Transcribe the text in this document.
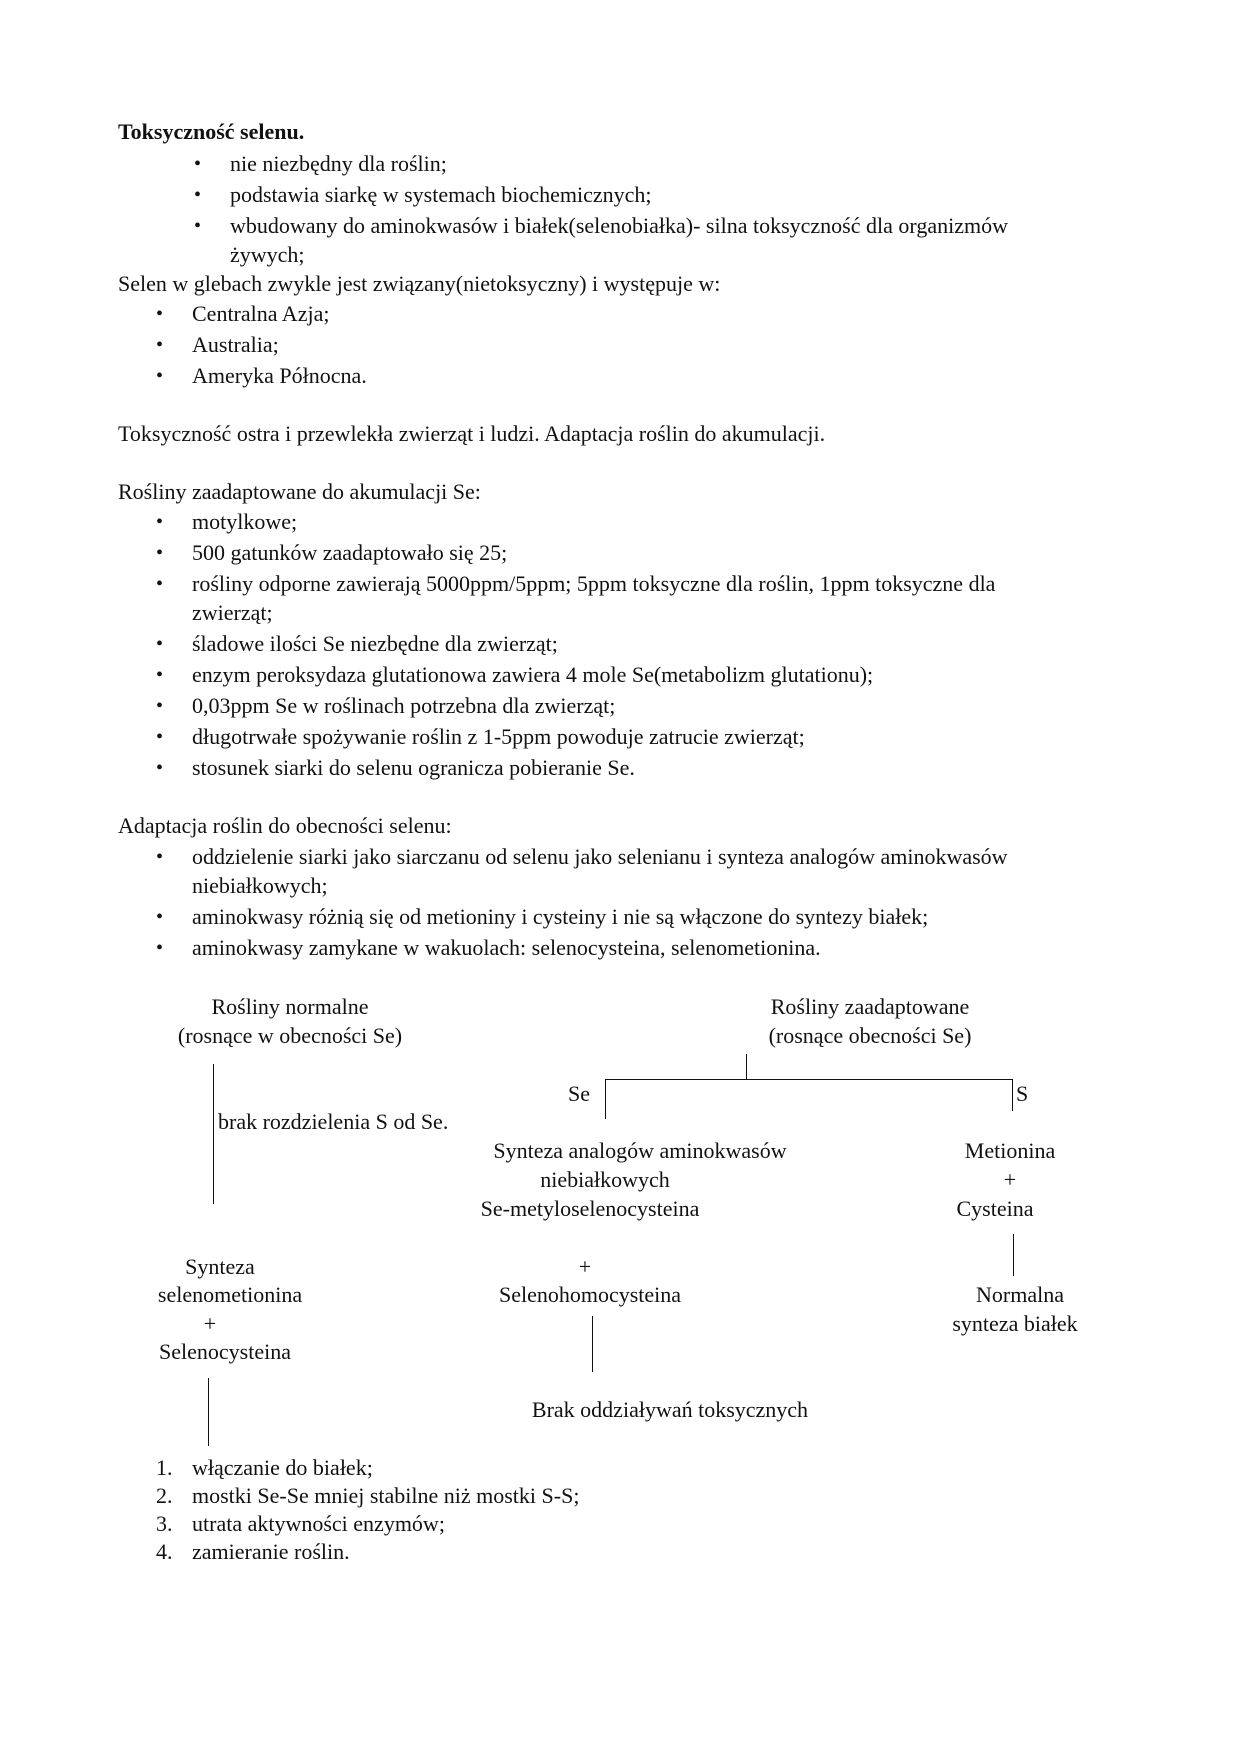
Toksyczność selenu.
• nie niezbędny dla roślin;
• podstawia siarkę w systemach biochemicznych;
• wbudowany do aminokwasów i białek(selenobiałka)- silna toksyczność dla organizmów
żywych;
Selen w glebach zwykle jest związany(nietoksyczny) i występuje w:
• Centralna Azja;
• Australia;
• Ameryka Północna.
Toksyczność ostra i przewlekła zwierząt i ludzi. Adaptacja roślin do akumulacji.
Rośliny zaadaptowane do akumulacji Se:
• motylkowe;
• 500 gatunków zaadaptowało się 25;
• rośliny odporne zawierają 5000ppm/5ppm; 5ppm toksyczne dla roślin, 1ppm toksyczne dla
zwierząt;
• śladowe ilości Se niezbędne dla zwierząt;
• enzym peroksydaza glutationowa zawiera 4 mole Se(metabolizm glutationu);
• 0,03ppm Se w roślinach potrzebna dla zwierząt;
• długotrwałe spożywanie roślin z 1-5ppm powoduje zatrucie zwierząt;
• stosunek siarki do selenu ogranicza pobieranie Se.
Adaptacja roślin do obecności selenu:
• oddzielenie siarki jako siarczanu od selenu jako selenianu i synteza analogów aminokwasów
niebiałkowych;
• aminokwasy różnią się od metioniny i cysteiny i nie są włączone do syntezy białek;
• aminokwasy zamykane w wakuolach: selenocysteina, selenometionina.
Rośliny normalne
(rosnące w obecności Se)
Rośliny zaadaptowane
(rosnące obecności Se)
brak rozdzielenia S od Se.
Se	S
Synteza analogów aminokwasów
niebiałkowych
Se-metyloselenocysteina
+
Selenohomocysteina
Brak oddziaływań toksycznych
Metionina
+
Cysteina
Normalna
synteza białek
Synteza
selenometionina
+
Selenocysteina
1. włączanie do białek;
2. mostki Se-Se mniej stabilne niż mostki S-S;
3. utrata aktywności enzymów;
4. zamieranie roślin.
